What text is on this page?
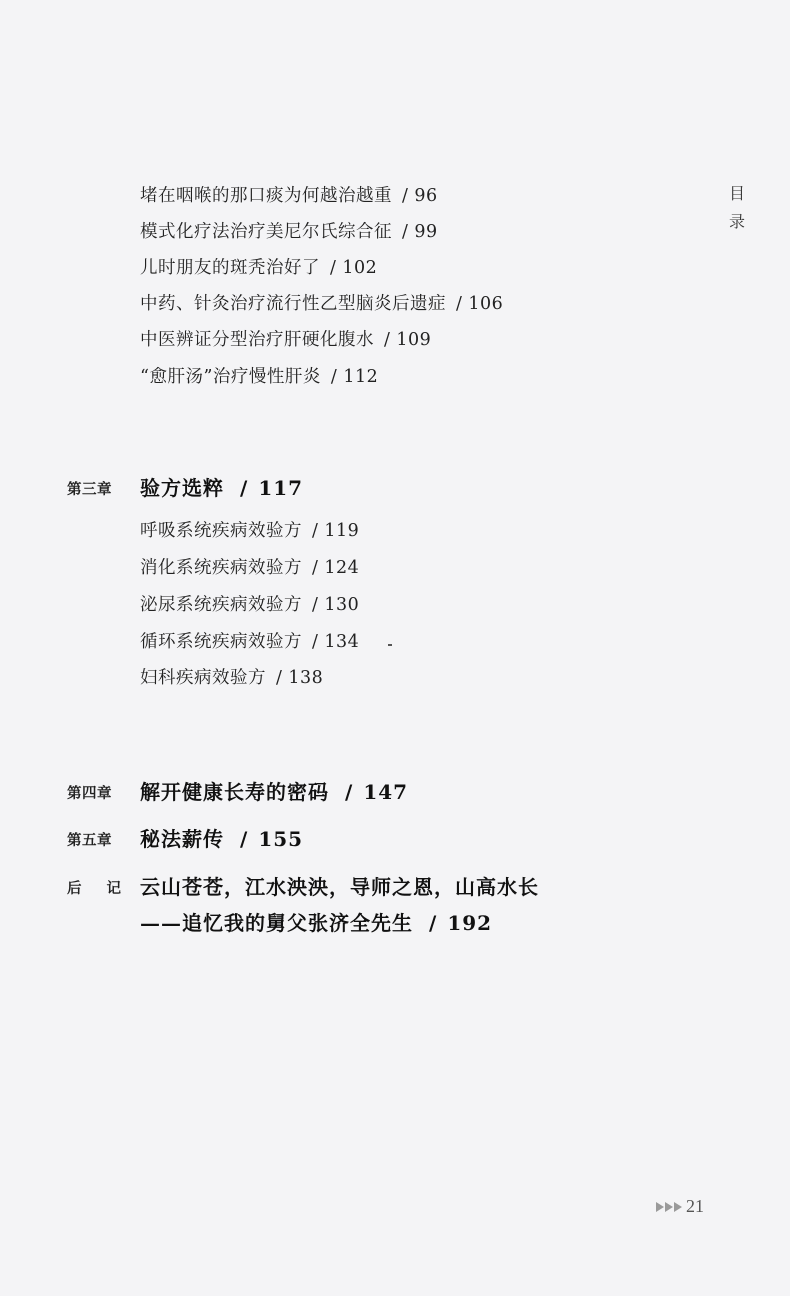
目
录
堵在咽喉的那口痰为何越治越重 / 96
模式化疗法治疗美尼尔氏综合征 / 99
儿时朋友的斑秃治好了 / 102
中药、针灸治疗流行性乙型脑炎后遗症 / 106
中医辨证分型治疗肝硬化腹水 / 109
“愈肝汤”治疗慢性肝炎 / 112
第三章 验方选粹 / 117
呼吸系统疾病效验方 / 119
消化系统疾病效验方 / 124
泌尿系统疾病效验方 / 130
循环系统疾病效验方 / 134
妇科疾病效验方 / 138
第四章 解开健康长寿的密码 / 147
第五章 秘法薪传 / 155
后 记 云山苍苍，江水泱泱，导师之恩，山高水长
——追忆我的舅父张济全先生 / 192
21
